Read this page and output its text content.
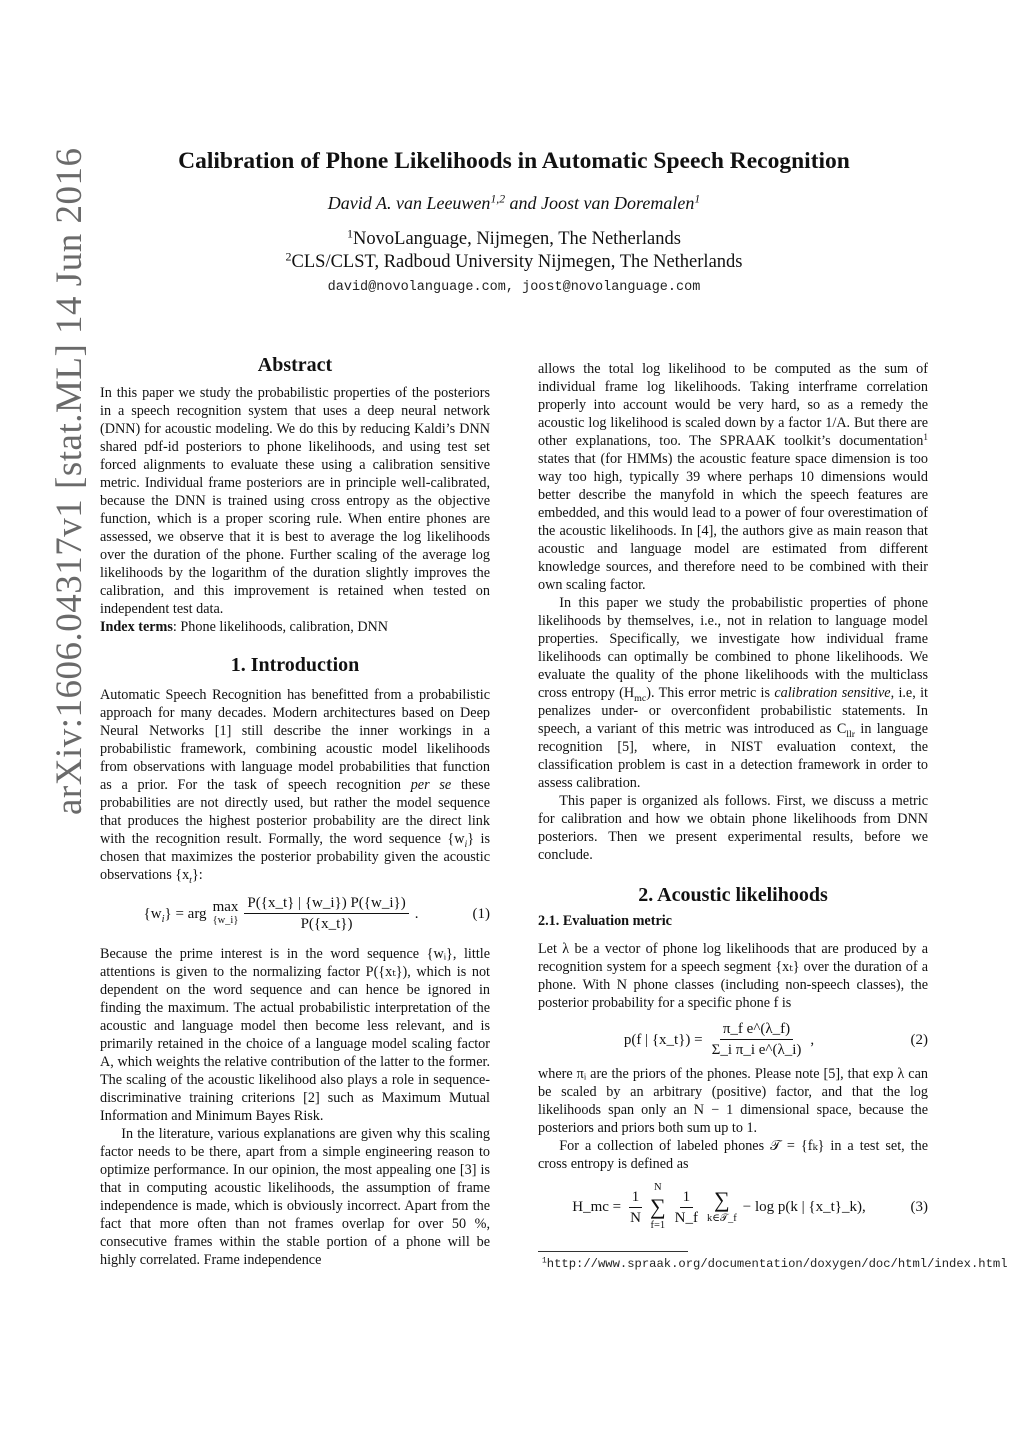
arXiv:1606.04317v1 [stat.ML] 14 Jun 2016	Calibration of Phone Likelihoods in Automatic Speech Recognition
David A. van Leeuwen$^{1,2}$ and Joost van Doremalen$^1$
$^1$NovoLanguage, Nijmegen, The Netherlands
$^2$CLS/CLST, Radboud University Nijmegen, The Netherlands
david@novolanguage.com, joost@novolanguage.com
Abstract

In this paper we study the probabilistic properties of the posteriors in a speech recognition system that uses a deep neural network (DNN) for acoustic modeling. We do this by reducing Kaldi’s DNN shared pdf-id posteriors to phone likelihoods, and using test set forced alignments to evaluate these using a calibration sensitive metric. Individual frame posteriors are in principle well-calibrated, because the DNN is trained using cross entropy as the objective function, which is a proper scoring rule. When entire phones are assessed, we observe that it is best to average the log likelihoods over the duration of the phone. Further scaling of the average log likelihoods by the logarithm of the duration slightly improves the calibration, and this improvement is retained when tested on independent test data.

Index terms: Phone likelihoods, calibration, DNN

1. Introduction

Automatic Speech Recognition has benefitted from a probabilistic approach for many decades. Modern architectures based on Deep Neural Networks [1] still describe the inner workings in a probabilistic framework, combining acoustic model likelihoods from observations with language model probabilities that function as a prior. For the task of speech recognition per se these probabilities are not directly used, but rather the model sequence that produces the highest posterior probability are the direct link with the recognition result. Formally, the word sequence $\{w_i\}$ is chosen that maximizes the posterior probability given the acoustic observations $\{x_t\}$:

$\{w_i\}$ = arg max
{w_i} $\frac{P(\{x\_t\} | \{w\_i\}) P(\{w\_i\})}{P(\{x\_t\})}$ .	(1)

Because the prime interest is in the word sequence {wᵢ}, little attentions is given to the normalizing factor P({xₜ}), which is not dependent on the word sequence and can hence be ignored in finding the maximum. The actual probabilistic interpretation of the acoustic and language model then become less relevant, and is primarily retained in the choice of a language model scaling factor A, which weights the relative contribution of the latter to the former. The scaling of the acoustic likelihood also plays a role in sequence-discriminative training criterions [2] such as Maximum Mutual Information and Minimum Bayes Risk.

In the literature, various explanations are given why this scaling factor needs to be there, apart from a simple engineering reason to optimize performance. In our opinion, the most appealing one [3] is that in computing acoustic likelihoods, the assumption of frame independence is made, which is obviously incorrect. Apart from the fact that more often than not frames overlap for over 50 %, consecutive frames within the stable portion of a phone will be highly correlated. Frame independence

allows the total log likelihood to be computed as the sum of individual frame log likelihoods. Taking interframe correlation properly into account would be very hard, so as a remedy the acoustic log likelihood is scaled down by a factor 1/A. But there are other explanations, too. The SPRAAK toolkit’s documentation$^1$ states that (for HMMs) the acoustic feature space dimension is too way too high, typically 39 where perhaps 10 dimensions would better describe the manyfold in which the speech features are embedded, and this would lead to a power of four overestimation of the acoustic likelihoods. In [4], the authors give as main reason that acoustic and language model are estimated from different knowledge sources, and therefore need to be combined with their own scaling factor.

In this paper we study the probabilistic properties of phone likelihoods by themselves, i.e., not in relation to language model properties. Specifically, we investigate how individual frame likelihoods can optimally be combined to phone likelihoods. We evaluate the quality of the phone likelihoods with the multiclass cross entropy $(H_{mc})$. This error metric is calibration sensitive, i.e, it penalizes under- or overconfident probabilistic statements. In speech, a variant of this metric was introduced as $C_{llr}$ in language recognition [5], where, in NIST evaluation context, the classification problem is cast in a detection framework in order to assess calibration.

This paper is organized als follows. First, we discuss a metric for calibration and how we obtain phone likelihoods from DNN posteriors. Then we present experimental results, before we conclude.

2. Acoustic likelihoods
2.1. Evaluation metric

Let λ be a vector of phone log likelihoods that are produced by a recognition system for a speech segment {xₜ} over the duration of a phone. With N phone classes (including non-speech classes), the posterior probability for a specific phone f is

p(f | {x_t}) = $\frac{\text{π\_f e\textasciicircum{}(λ\_f)}}{\text{Σ\_i π\_i e\textasciicircum{}(λ\_i)}}$ ,	(2)

where πᵢ are the priors of the phones. Please note [5], that exp λ can be scaled by an arbitrary (positive) factor, and that the log likelihoods span only an N − 1 dimensional space, because the posteriors and priors both sum up to 1.

For a collection of labeled phones 𝒯 = {fₖ} in a test set, the cross entropy is defined as

H_mc = $\frac{1}{N}$ N
∑
$f=1 \frac{1}{N\_f}$ ∑
k∈𝒯_f
− log p(k | {x_t}_k),	(3)
$^1$http://www.spraak.org/documentation/doxygen/doc/html/index.html
